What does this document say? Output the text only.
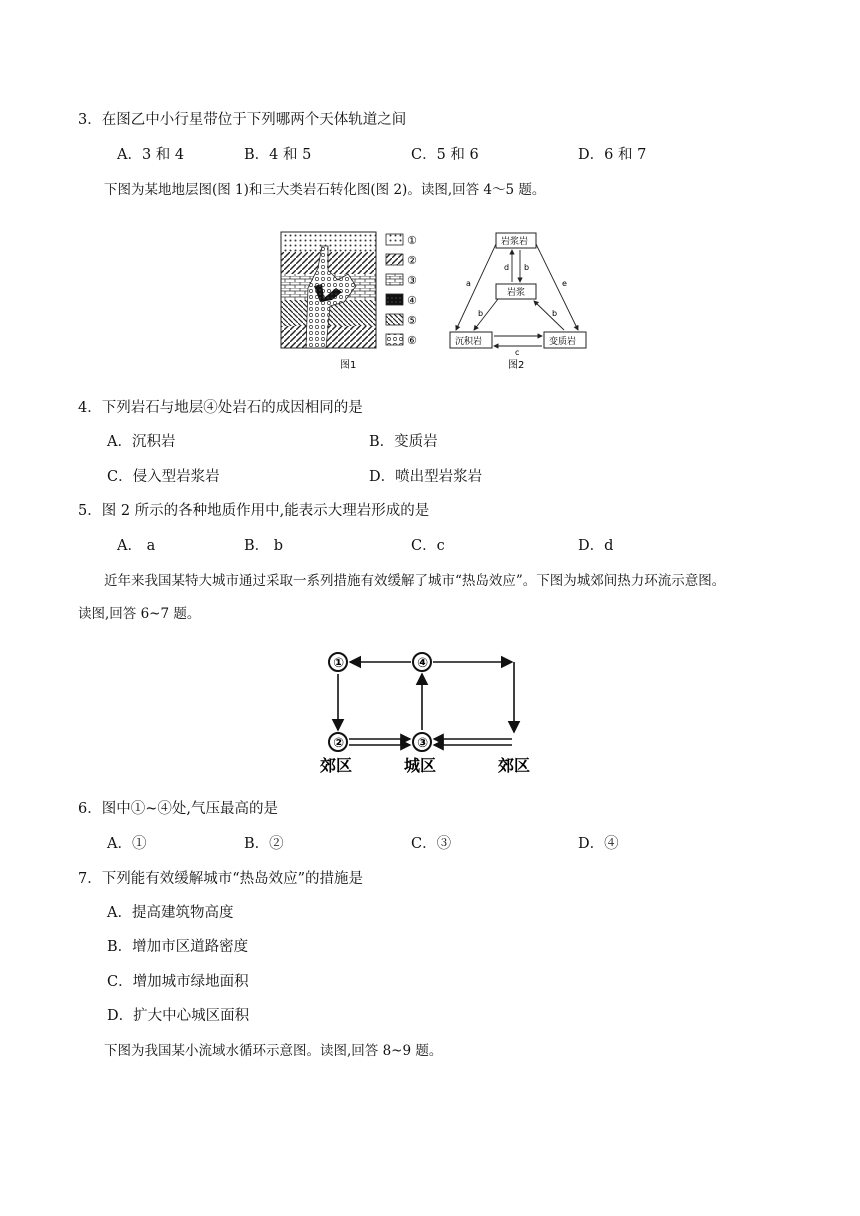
3．在图乙中小行星带位于下列哪两个天体轨道之间
A．3 和 4	B．4 和 5	C．5 和 6	D．6 和 7
下图为某地地层图(图 1)和三大类岩石转化图(图 2)。读图,回答 4～5 题。
①
②
③
④
⑤
⑥
图1
岩浆岩
岩浆
沉积岩	变质岩
d b
a	e
b	b
c
图2
4．下列岩石与地层④处岩石的成因相同的是
A．沉积岩	B．变质岩
C．侵入型岩浆岩	D．喷出型岩浆岩
5．图 2 所示的各种地质作用中,能表示大理岩形成的是
A． a	B． b	C．c	D．d
近年来我国某特大城市通过采取一系列措施有效缓解了城市“热岛效应”。下图为城郊间热力环流示意图。
读图,回答 6~7 题。
①
②	③
④
郊区	城区	郊区
6．图中①~④处,气压最高的是
A．①	B．②	C．③	D．④
7．下列能有效缓解城市“热岛效应”的措施是
A．提高建筑物高度
B．增加市区道路密度
C．增加城市绿地面积
D．扩大中心城区面积
下图为我国某小流域水循环示意图。读图,回答 8~9 题。
